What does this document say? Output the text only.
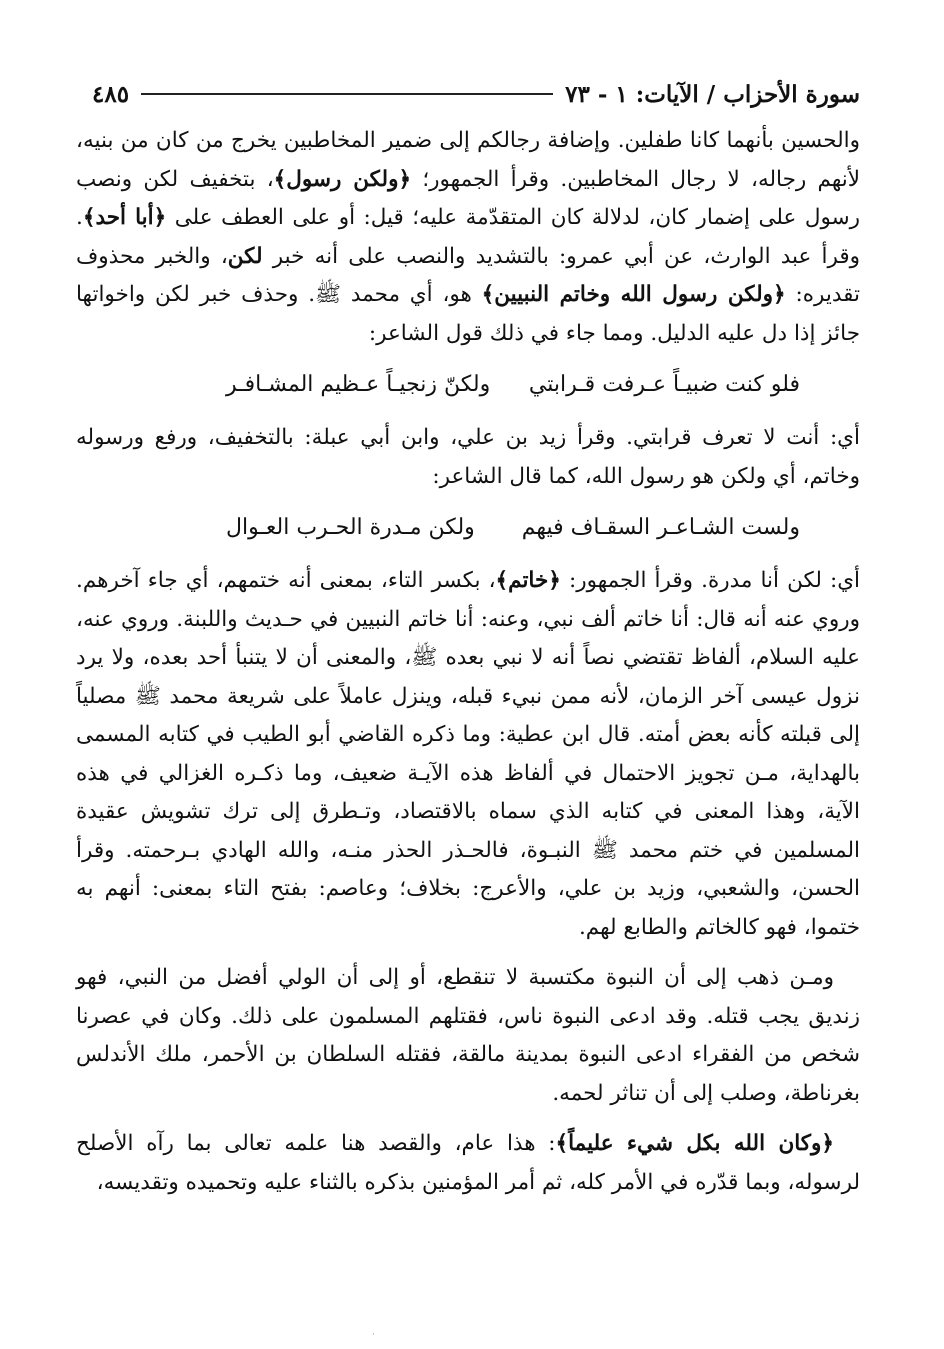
سورة الأحزاب / الآيات: ١ - ٧٣
٤٨٥

والحسين بأنهما كانا طفلين. وإضافة رجالكم إلى ضمير المخاطبين يخرج من كان من بنيه، لأنهم رجاله، لا رجال المخاطبين. وقرأ الجمهور؛ ﴿ولكن رسول﴾، بتخفيف لكن ونصب رسول على إضمار كان، لدلالة كان المتقدّمة عليه؛ قيل: أو على العطف على ﴿أبا أحد﴾. وقرأ عبد الوارث، عن أبي عمرو: بالتشديد والنصب على أنه خبر لكن، والخبر محذوف تقديره: ﴿ولكن رسول الله وخاتم النبيين﴾ هو، أي محمد ﷺ. وحذف خبر لكن واخواتها جائز إذا دل عليه الدليل. ومما جاء في ذلك قول الشاعر:

فلو كنت ضبيـاً عـرفت قـرابتي
ولكنّ زنجيـاً عـظيم المشـافـر

أي: أنت لا تعرف قرابتي. وقرأ زيد بن علي، وابن أبي عبلة: بالتخفيف، ورفع ورسوله وخاتم، أي ولكن هو رسول الله، كما قال الشاعر:

ولست الشـاعـر السقـاف فيهم
ولكن مـدرة الحـرب العـوال

أي: لكن أنا مدرة. وقرأ الجمهور: ﴿خاتم﴾، بكسر التاء، بمعنى أنه ختمهم، أي جاء آخرهم. وروي عنه أنه قال: أنا خاتم ألف نبي، وعنه: أنا خاتم النبيين في حـديث واللبنة. وروي عنه، عليه السلام، ألفاظ تقتضي نصاً أنه لا نبي بعده ﷺ، والمعنى أن لا يتنبأ أحد بعده، ولا يرد نزول عيسى آخر الزمان، لأنه ممن نبيء قبله، وينزل عاملاً على شريعة محمد ﷺ مصلياً إلى قبلته كأنه بعض أمته. قال ابن عطية: وما ذكره القاضي أبو الطيب في كتابه المسمى بالهداية، مـن تجويز الاحتمال في ألفاظ هذه الآيـة ضعيف، وما ذكـره الغزالي في هذه الآية، وهذا المعنى في كتابه الذي سماه بالاقتصاد، وتـطرق إلى ترك تشويش عقيدة المسلمين في ختم محمد ﷺ النبـوة، فالحـذر الحذر منـه، والله الهادي بـرحمته. وقرأ الحسن، والشعبي، وزيد بن علي، والأعرج: بخلاف؛ وعاصم: بفتح التاء بمعنى: أنهم به ختموا، فهو كالخاتم والطابع لهم.

ومـن ذهب إلى أن النبوة مكتسبة لا تنقطع، أو إلى أن الولي أفضل من النبي، فهو زنديق يجب قتله. وقد ادعى النبوة ناس، فقتلهم المسلمون على ذلك. وكان في عصرنا شخص من الفقراء ادعى النبوة بمدينة مالقة، فقتله السلطان بن الأحمر، ملك الأندلس بغرناطة، وصلب إلى أن تناثر لحمه.

﴿وكان الله بكل شيء عليماً﴾: هذا عام، والقصد هنا علمه تعالى بما رآه الأصلح لرسوله، وبما قدّره في الأمر كله، ثم أمر المؤمنين بذكره بالثناء عليه وتحميده وتقديسه،

·
